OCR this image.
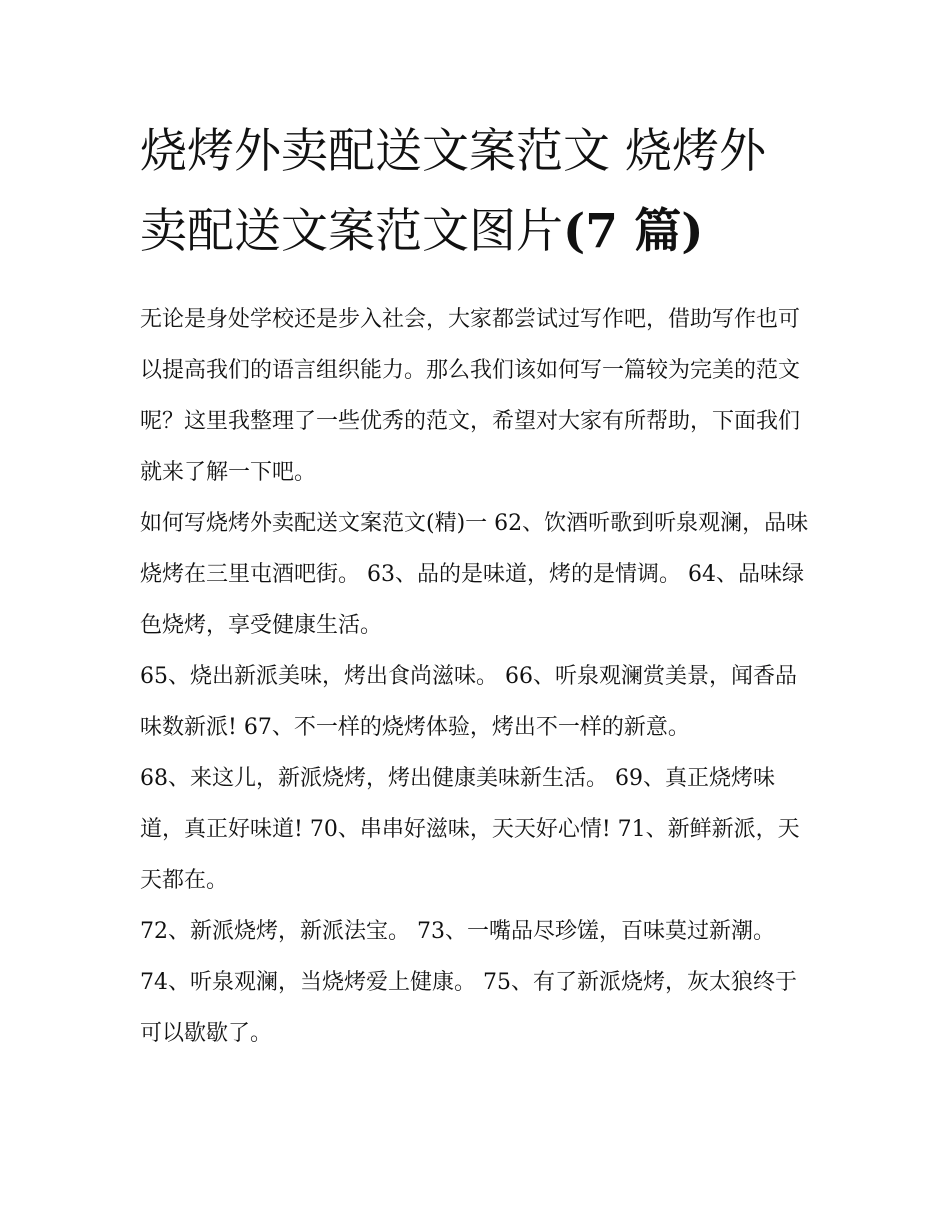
烧烤外卖配送文案范文 烧烤外卖配送文案范文图片(7 篇)

无论是身处学校还是步入社会，大家都尝试过写作吧，借助写作也可以提高我们的语言组织能力。那么我们该如何写一篇较为完美的范文呢？这里我整理了一些优秀的范文，希望对大家有所帮助，下面我们就来了解一下吧。

如何写烧烤外卖配送文案范文(精)一 62、饮酒听歌到听泉观澜，品味烧烤在三里屯酒吧街。 63、品的是味道，烤的是情调。 64、品味绿色烧烤，享受健康生活。

65、烧出新派美味，烤出食尚滋味。 66、听泉观澜赏美景，闻香品味数新派! 67、不一样的烧烤体验，烤出不一样的新意。

68、来这儿，新派烧烤，烤出健康美味新生活。 69、真正烧烤味道，真正好味道! 70、串串好滋味，天天好心情! 71、新鲜新派，天天都在。

72、新派烧烤，新派法宝。 73、一嘴品尽珍馐，百味莫过新潮。 74、听泉观澜，当烧烤爱上健康。 75、有了新派烧烤，灰太狼终于可以歇歇了。
